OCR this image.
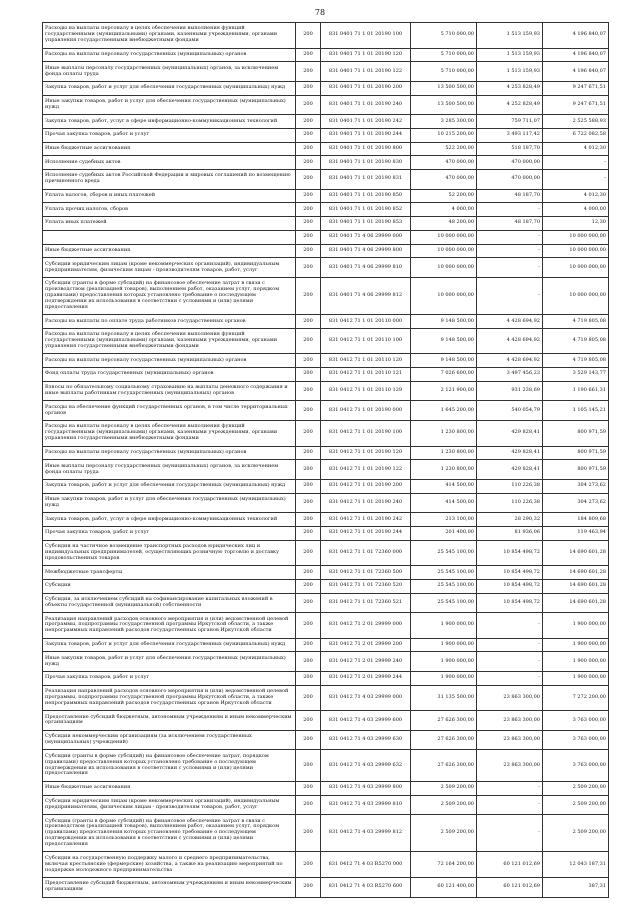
78
Расходы на выплаты персоналу в целях обеспечения выполнения функций государственными (муниципальными) органами, казенными учреждениями, органами управления государственными внебюджетными фондами	200	831 0401 71 1 01 20190 100	5 710 000,00	1 513 159,93	4 196 840,07
Расходы на выплаты персоналу государственных (муниципальных) органов	200	831 0401 71 1 01 20190 120	5 710 000,00	1 513 159,93	4 196 840,07
Иные выплаты персоналу государственных (муниципальных) органов, за исключением фонда оплаты труда	200	831 0401 71 1 01 20190 122	5 710 000,00	1 513 159,93	4 196 840,07
Закупка товаров, работ и услуг для обеспечения государственных (муниципальных) нужд	200	831 0401 71 1 01 20190 200	13 500 500,00	4 253 828,49	9 247 671,51
Иные закупки товаров, работ и услуг для обеспечения государственных (муниципальных) нужд	200	831 0401 71 1 01 20190 240	13 500 500,00	4 252 828,49	9 247 671,51
Закупка товаров, работ, услуг в сфере информационно-коммуникационных технологий	200	831 0401 71 1 01 20190 242	3 285 300,00	759 711,07	2 525 588,93
Прочая закупка товаров, работ и услуг	200	831 0401 71 1 01 20190 244	10 215 200,00	3 493 117,42	6 722 082,58
Иные бюджетные ассигнования	200	831 0401 71 1 01 20190 800	522 200,00	518 187,70	4 012,30
Исполнение судебных актов	200	831 0401 71 1 01 20190 830	470 000,00	470 000,00	-
Исполнение судебных актов Российской Федерации и мировых соглашений по возмещению причиненного вреда	200	831 0401 71 1 01 20190 831	470 000,00	470 000,00	-
Уплата налогов, сборов и иных платежей	200	831 0401 71 1 01 20190 850	52 200,00	48 187,70	4 012,30
Уплата прочих налогов, сборов	200	831 0401 71 1 01 20190 852	4 000,00	-	4 000,00
Уплата иных платежей	200	831 0401 71 1 01 20190 853	48 200,00	48 187,70	12,30
	200	831 0401 71 4 06 29999 000	10 000 000,00	-	10 000 000,00
Иные бюджетные ассигнования	200	831 0401 71 4 06 29999 800	10 000 000,00	-	10 000 000,00
Субсидии юридическим лицам (кроме некоммерческих организаций), индивидуальным предпринимателям, физическим лицам - производителям товаров, работ, услуг	200	831 0401 71 4 06 29999 810	10 000 000,00	-	10 000 000,00
Субсидии (гранты в форме субсидий) на финансовое обеспечение затрат в связи с производством (реализацией товаров), выполнением работ, оказанием услуг, порядком (правилами) предоставления которых установлено требование о последующем подтверждении их использования в соответствии с условиями и (или) целями предоставления	200	831 0401 71 4 06 29999 812	10 000 000,00	-	10 000 000,00
Расходы на выплаты по оплате труда работников государственных органов	200	831 0412 71 1 01 20110 000	9 148 500,00	4 428 694,92	4 719 805,08
Расходы на выплаты персоналу в целях обеспечения выполнения функций государственными (муниципальными) органами, казенными учреждениями, органами управления государственными внебюджетными фондами	200	831 0412 71 1 01 20110 100	9 148 500,00	4 428 694,92	4 719 805,08
Расходы на выплаты персоналу государственных (муниципальных) органов	200	831 0412 71 1 01 20110 120	9 148 500,00	4 428 694,92	4 719 805,08
Фонд оплаты труда государственных (муниципальных) органов	200	831 0412 71 1 01 20110 121	7 026 600,00	3 497 456,23	3 529 143,77
Взносы по обязательному социальному страхованию на выплаты денежного содержания и иные выплаты работникам государственных (муниципальных) органов	200	831 0412 71 1 01 20110 129	2 121 900,00	931 238,69	1 190 661,31
Расходы на обеспечение функций государственных органов, в том числе территориальных органов	200	831 0412 71 1 01 20190 000	1 645 200,00	540 054,79	1 105 145,21
Расходы на выплаты персоналу в целях обеспечения выполнения функций государственными (муниципальными) органами, казенными учреждениями, органами управления государственными внебюджетными фондами	200	831 0412 71 1 01 20190 100	1 230 800,00	429 828,41	800 971,59
Расходы на выплаты персоналу государственных (муниципальных) органов	200	831 0412 71 1 01 20190 120	1 230 800,00	429 828,41	800 971,59
Иные выплаты персоналу государственных (муниципальных) органов, за исключением фонда оплаты труда	200	831 0412 71 1 01 20190 122	1 230 800,00	429 828,41	800 971,59
Закупка товаров, работ и услуг для обеспечения государственных (муниципальных) нужд	200	831 0412 71 1 01 20190 200	414 500,00	110 226,38	304 273,62
Иные закупки товаров, работ и услуг для обеспечения государственных (муниципальных) нужд	200	831 0412 71 1 01 20190 240	414 500,00	110 226,38	304 273,62
Закупка товаров, работ, услуг в сфере информационно-коммуникационных технологий	200	831 0412 71 1 01 20190 242	213 100,00	28 290,32	184 809,68
Прочая закупка товаров, работ и услуг	200	831 0412 71 1 01 20190 244	201 400,00	81 936,06	119 463,94
Субсидии на частичное возмещение транспортных расходов юридических лиц и индивидуальных предпринимателей, осуществляющих розничную торговлю и доставку продовольственных товаров	200	831 0412 71 1 01 72360 000	25 545 100,00	10 854 498,72	14 690 601,28
Межбюджетные трансферты	200	831 0412 71 1 01 72360 500	25 545 100,00	10 854 498,72	14 690 601,28
Субсидии	200	831 0412 71 1 01 72360 520	25 545 100,00	10 854 498,72	14 690 601,28
Субсидии, за исключением субсидий на софинансирование капитальных вложений в объекты государственной (муниципальной) собственности	200	831 0412 71 1 01 72360 521	25 545 100,00	10 854 498,72	14 690 601,28
Реализация направлений расходов основного мероприятия и (или) ведомственной целевой программы, подпрограммы государственной программы Иркутской области, а также непрограммных направлений расходов государственных органов Иркутской области	200	831 0412 71 2 01 29999 000	1 900 000,00	-	1 900 000,00
Закупка товаров, работ и услуг для обеспечения государственных (муниципальных) нужд	200	831 0412 71 2 01 29999 200	1 900 000,00	-	1 900 000,00
Иные закупки товаров, работ и услуг для обеспечения государственных (муниципальных) нужд	200	831 0412 71 2 01 29999 240	1 900 000,00	-	1 900 000,00
Прочая закупка товаров, работ и услуг	200	831 0412 71 2 01 29999 244	1 900 000,00	-	1 900 000,00
Реализация направлений расходов основного мероприятия и (или) ведомственной целевой программы, подпрограммы государственной программы Иркутской области, а также непрограммных направлений расходов государственных органов Иркутской области	200	831 0412 71 4 03 29999 000	31 135 500,00	23 863 300,00	7 272 200,00
Предоставление субсидий бюджетным, автономным учреждениям и иным некоммерческим организациям	200	831 0412 71 4 03 29999 600	27 626 300,00	23 863 300,00	3 763 000,00
Субсидии некоммерческим организациям (за исключением государственных (муниципальных) учреждений)	200	831 0412 71 4 03 29999 630	27 626 300,00	23 863 300,00	3 763 000,00
Субсидии (гранты в форме субсидий) на финансовое обеспечение затрат, порядком (правилами) предоставления которых установлено требование о последующем подтверждении их использования в соответствии с условиями и (или) целями предоставления	200	831 0412 71 4 03 29999 632	27 626 300,00	23 863 300,00	3 763 000,00
Иные бюджетные ассигнования	200	831 0412 71 4 03 29999 800	2 509 200,00	-	2 509 200,00
Субсидии юридическим лицам (кроме некоммерческих организаций), индивидуальным предпринимателям, физическим лицам - производителям товаров, работ, услуг	200	831 0412 71 4 03 29999 810	2 509 200,00	-	2 509 200,00
Субсидии (гранты в форме субсидий) на финансовое обеспечение затрат в связи с производством (реализацией товаров), выполнением работ, оказанием услуг, порядком (правилами) предоставления которых установлено требование о последующем подтверждении их использования в соответствии с условиями и (или) целями предоставления	200	831 0412 71 4 03 29999 812	2 509 200,00	-	2 509 200,00
Субсидии на государственную поддержку малого и среднего предпринимательства, включая крестьянские (фермерские) хозяйства, а также на реализацию мероприятий по поддержке молодежного предпринимательства	200	831 0412 71 4 03 R5270 000	72 164 200,00	60 121 012,69	12 043 187,31
Предоставление субсидий бюджетным, автономным учреждениям и иным некоммерческим организациям	200	831 0412 71 4 03 R5270 600	60 121 400,00	60 121 012,69	387,31
